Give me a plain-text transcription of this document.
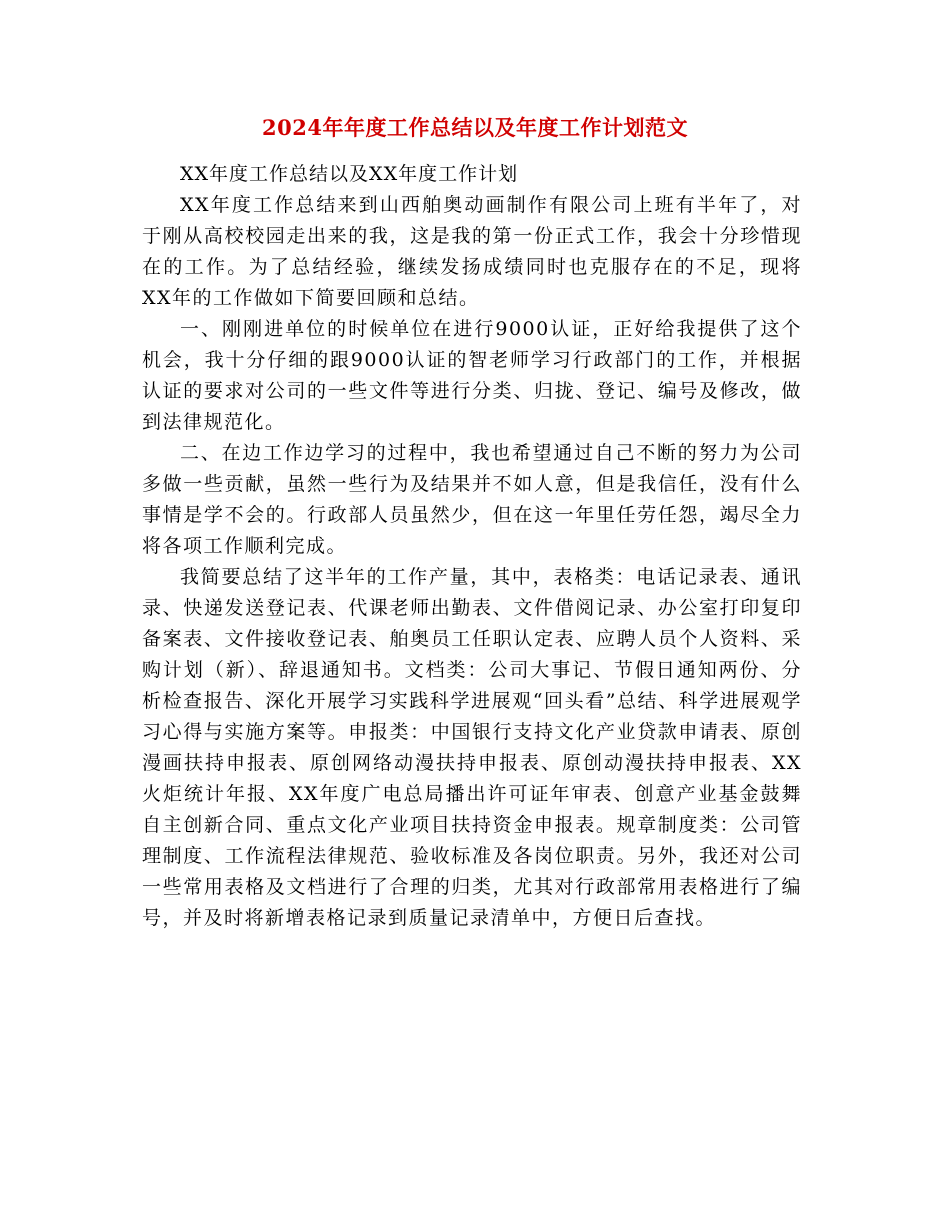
2024年年度工作总结以及年度工作计划范文

XX年度工作总结以及XX年度工作计划

XX年度工作总结来到山西舶奥动画制作有限公司上班有半年了，对于刚从高校校园走出来的我，这是我的第一份正式工作，我会十分珍惜现在的工作。为了总结经验，继续发扬成绩同时也克服存在的不足，现将XX年的工作做如下简要回顾和总结。

一、刚刚进单位的时候单位在进行9000认证，正好给我提供了这个机会，我十分仔细的跟9000认证的智老师学习行政部门的工作，并根据认证的要求对公司的一些文件等进行分类、归拢、登记、编号及修改，做到法律规范化。

二、在边工作边学习的过程中，我也希望通过自己不断的努力为公司多做一些贡献，虽然一些行为及结果并不如人意，但是我信任，没有什么事情是学不会的。行政部人员虽然少，但在这一年里任劳任怨，竭尽全力将各项工作顺利完成。

我简要总结了这半年的工作产量，其中，表格类：电话记录表、通讯录、快递发送登记表、代课老师出勤表、文件借阅记录、办公室打印复印备案表、文件接收登记表、舶奥员工任职认定表、应聘人员个人资料、采购计划（新）、辞退通知书。文档类：公司大事记、节假日通知两份、分析检查报告、深化开展学习实践科学进展观“回头看”总结、科学进展观学习心得与实施方案等。申报类：中国银行支持文化产业贷款申请表、原创漫画扶持申报表、原创网络动漫扶持申报表、原创动漫扶持申报表、XX火炬统计年报、XX年度广电总局播出许可证年审表、创意产业基金鼓舞自主创新合同、重点文化产业项目扶持资金申报表。规章制度类：公司管理制度、工作流程法律规范、验收标准及各岗位职责。另外，我还对公司一些常用表格及文档进行了合理的归类，尤其对行政部常用表格进行了编号，并及时将新增表格记录到质量记录清单中，方便日后查找。
